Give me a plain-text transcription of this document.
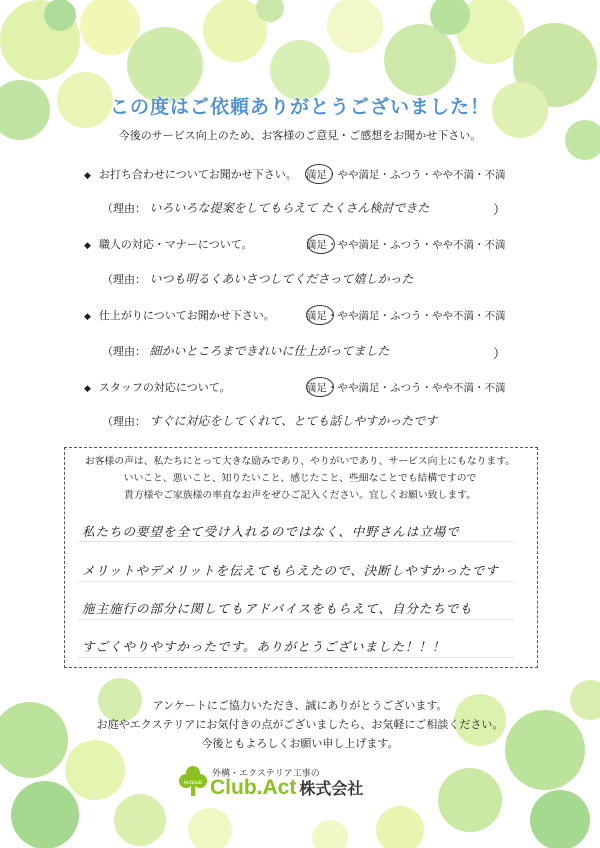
この度はご依頼ありがとうございました！
今後のサービス向上のため、お客様のご意見・ご感想をお聞かせ下さい。
◆ お打ち合わせについてお聞かせ下さい。 満足・やや満足・ふつう・やや不満・不満
（理由： いろいろな提案をしてもらえて たくさん検討できた	）
◆ 職人の対応・マナーについて。	満足・やや満足・ふつう・やや不満・不満
（理由： いつも明るくあいさつしてくださって嬉しかった
◆ 仕上がりについてお聞かせ下さい。	満足・やや満足・ふつう・やや不満・不満
（理由： 細かいところまできれいに仕上がってました	）
◆ スタッフの対応について。	満足・やや満足・ふつう・やや不満・不満
（理由： すぐに対応をしてくれて、とても話しやすかったです
お客様の声は、私たちにとって大きな励みであり、やりがいであり、サービス向上にもなります。
いいこと、悪いこと、知りたいこと、感じたこと、些細なことでも結構ですので
貴方様やご家族様の率直なお声をぜひご記入ください。宜しくお願い致します。
私たちの要望を全て受け入れるのではなく、中野さんは立場で
メリットやデメリットを伝えてもらえたので、決断しやすかったです
施主施行の部分に関してもアドバイスをもらえて、自分たちでも
すごくやりやすかったです。ありがとうございました！！！
アンケートにご協力いただき、誠にありがとうございます。
お庭やエクステリアにお気付きの点がございましたら、お気軽にご相談ください。
今後ともよろしくお願い申し上げます。
Actclub
外構・エクステリア工事の
Club.Act 株式会社
